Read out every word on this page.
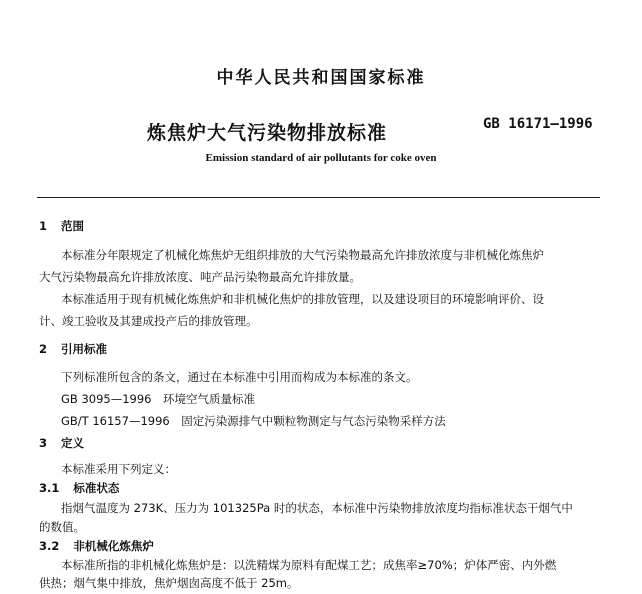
中华人民共和国国家标准
炼焦炉大气污染物排放标准	GB 16171—1996
Emission standard of air pollutants for coke oven
1 范围
本标准分年限规定了机械化炼焦炉无组织排放的大气污染物最高允许排放浓度与非机械化炼焦炉
大气污染物最高允许排放浓度、吨产品污染物最高允许排放量。
本标准适用于现有机械化炼焦炉和非机械化焦炉的排放管理，以及建设项目的环境影响评价、设
计、竣工验收及其建成投产后的排放管理。
2 引用标准
下列标准所包含的条文，通过在本标准中引用而构成为本标准的条文。
GB 3095—1996　环境空气质量标准
GB/T 16157—1996　固定污染源排气中颗粒物测定与气态污染物采样方法
3 定义
本标准采用下列定义：
3.1 标准状态
指烟气温度为 273K、压力为 101325Pa 时的状态，本标准中污染物排放浓度均指标准状态干烟气中
的数值。
3.2 非机械化炼焦炉
本标准所指的非机械化炼焦炉是：以洗精煤为原料有配煤工艺；成焦率≥70%；炉体严密、内外燃
供热；烟气集中排放，焦炉烟囱高度不低于 25m。
